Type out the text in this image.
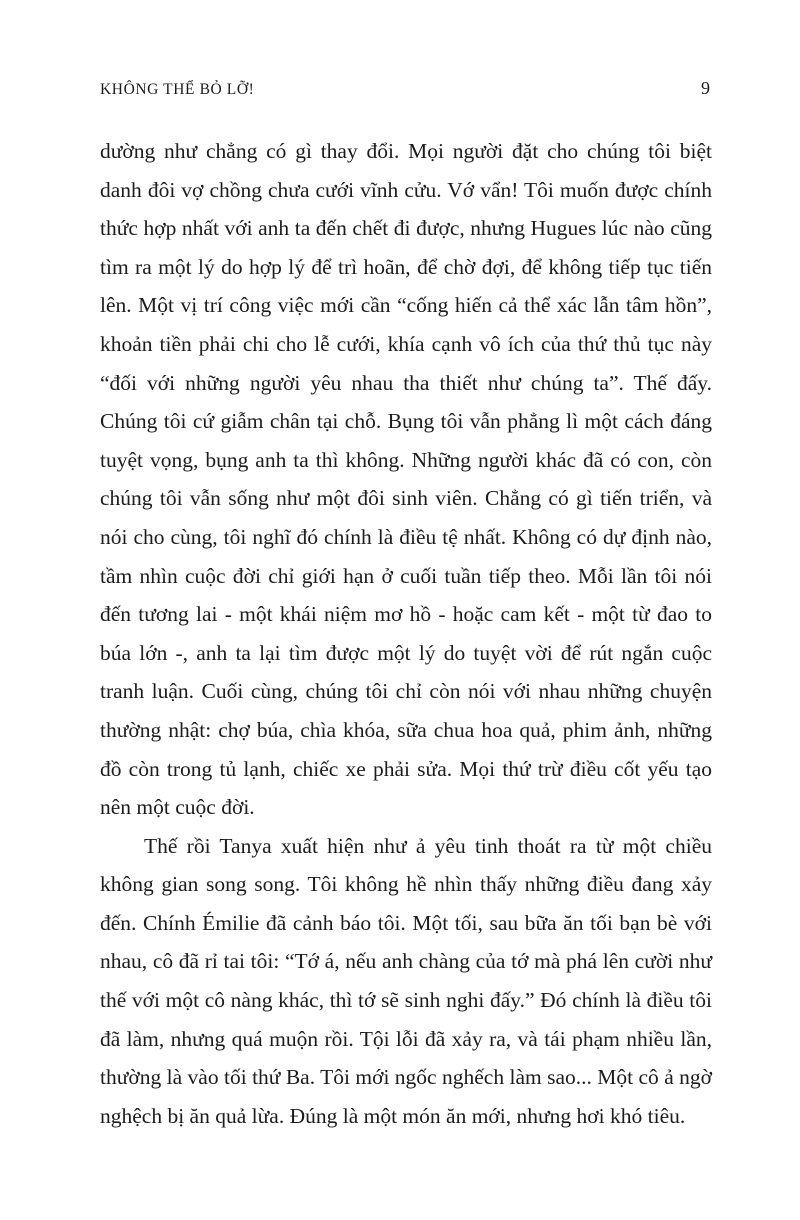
KHÔNG THỂ BỎ LỠ!	9

dường như chẳng có gì thay đổi. Mọi người đặt cho chúng tôi biệt danh đôi vợ chồng chưa cưới vĩnh cửu. Vớ vẩn! Tôi muốn được chính thức hợp nhất với anh ta đến chết đi được, nhưng Hugues lúc nào cũng tìm ra một lý do hợp lý để trì hoãn, để chờ đợi, để không tiếp tục tiến lên. Một vị trí công việc mới cần “cống hiến cả thể xác lẫn tâm hồn”, khoản tiền phải chi cho lễ cưới, khía cạnh vô ích của thứ thủ tục này “đối với những người yêu nhau tha thiết như chúng ta”. Thế đấy. Chúng tôi cứ giẫm chân tại chỗ. Bụng tôi vẫn phẳng lì một cách đáng tuyệt vọng, bụng anh ta thì không. Những người khác đã có con, còn chúng tôi vẫn sống như một đôi sinh viên. Chẳng có gì tiến triển, và nói cho cùng, tôi nghĩ đó chính là điều tệ nhất. Không có dự định nào, tầm nhìn cuộc đời chỉ giới hạn ở cuối tuần tiếp theo. Mỗi lần tôi nói đến tương lai - một khái niệm mơ hồ - hoặc cam kết - một từ đao to búa lớn -, anh ta lại tìm được một lý do tuyệt vời để rút ngắn cuộc tranh luận. Cuối cùng, chúng tôi chỉ còn nói với nhau những chuyện thường nhật: chợ búa, chìa khóa, sữa chua hoa quả, phim ảnh, những đồ còn trong tủ lạnh, chiếc xe phải sửa. Mọi thứ trừ điều cốt yếu tạo nên một cuộc đời.

Thế rồi Tanya xuất hiện như ả yêu tinh thoát ra từ một chiều không gian song song. Tôi không hề nhìn thấy những điều đang xảy đến. Chính Émilie đã cảnh báo tôi. Một tối, sau bữa ăn tối bạn bè với nhau, cô đã rỉ tai tôi: “Tớ á, nếu anh chàng của tớ mà phá lên cười như thế với một cô nàng khác, thì tớ sẽ sinh nghi đấy.” Đó chính là điều tôi đã làm, nhưng quá muộn rồi. Tội lỗi đã xảy ra, và tái phạm nhiều lần, thường là vào tối thứ Ba. Tôi mới ngốc nghếch làm sao... Một cô ả ngờ nghệch bị ăn quả lừa. Đúng là một món ăn mới, nhưng hơi khó tiêu.
